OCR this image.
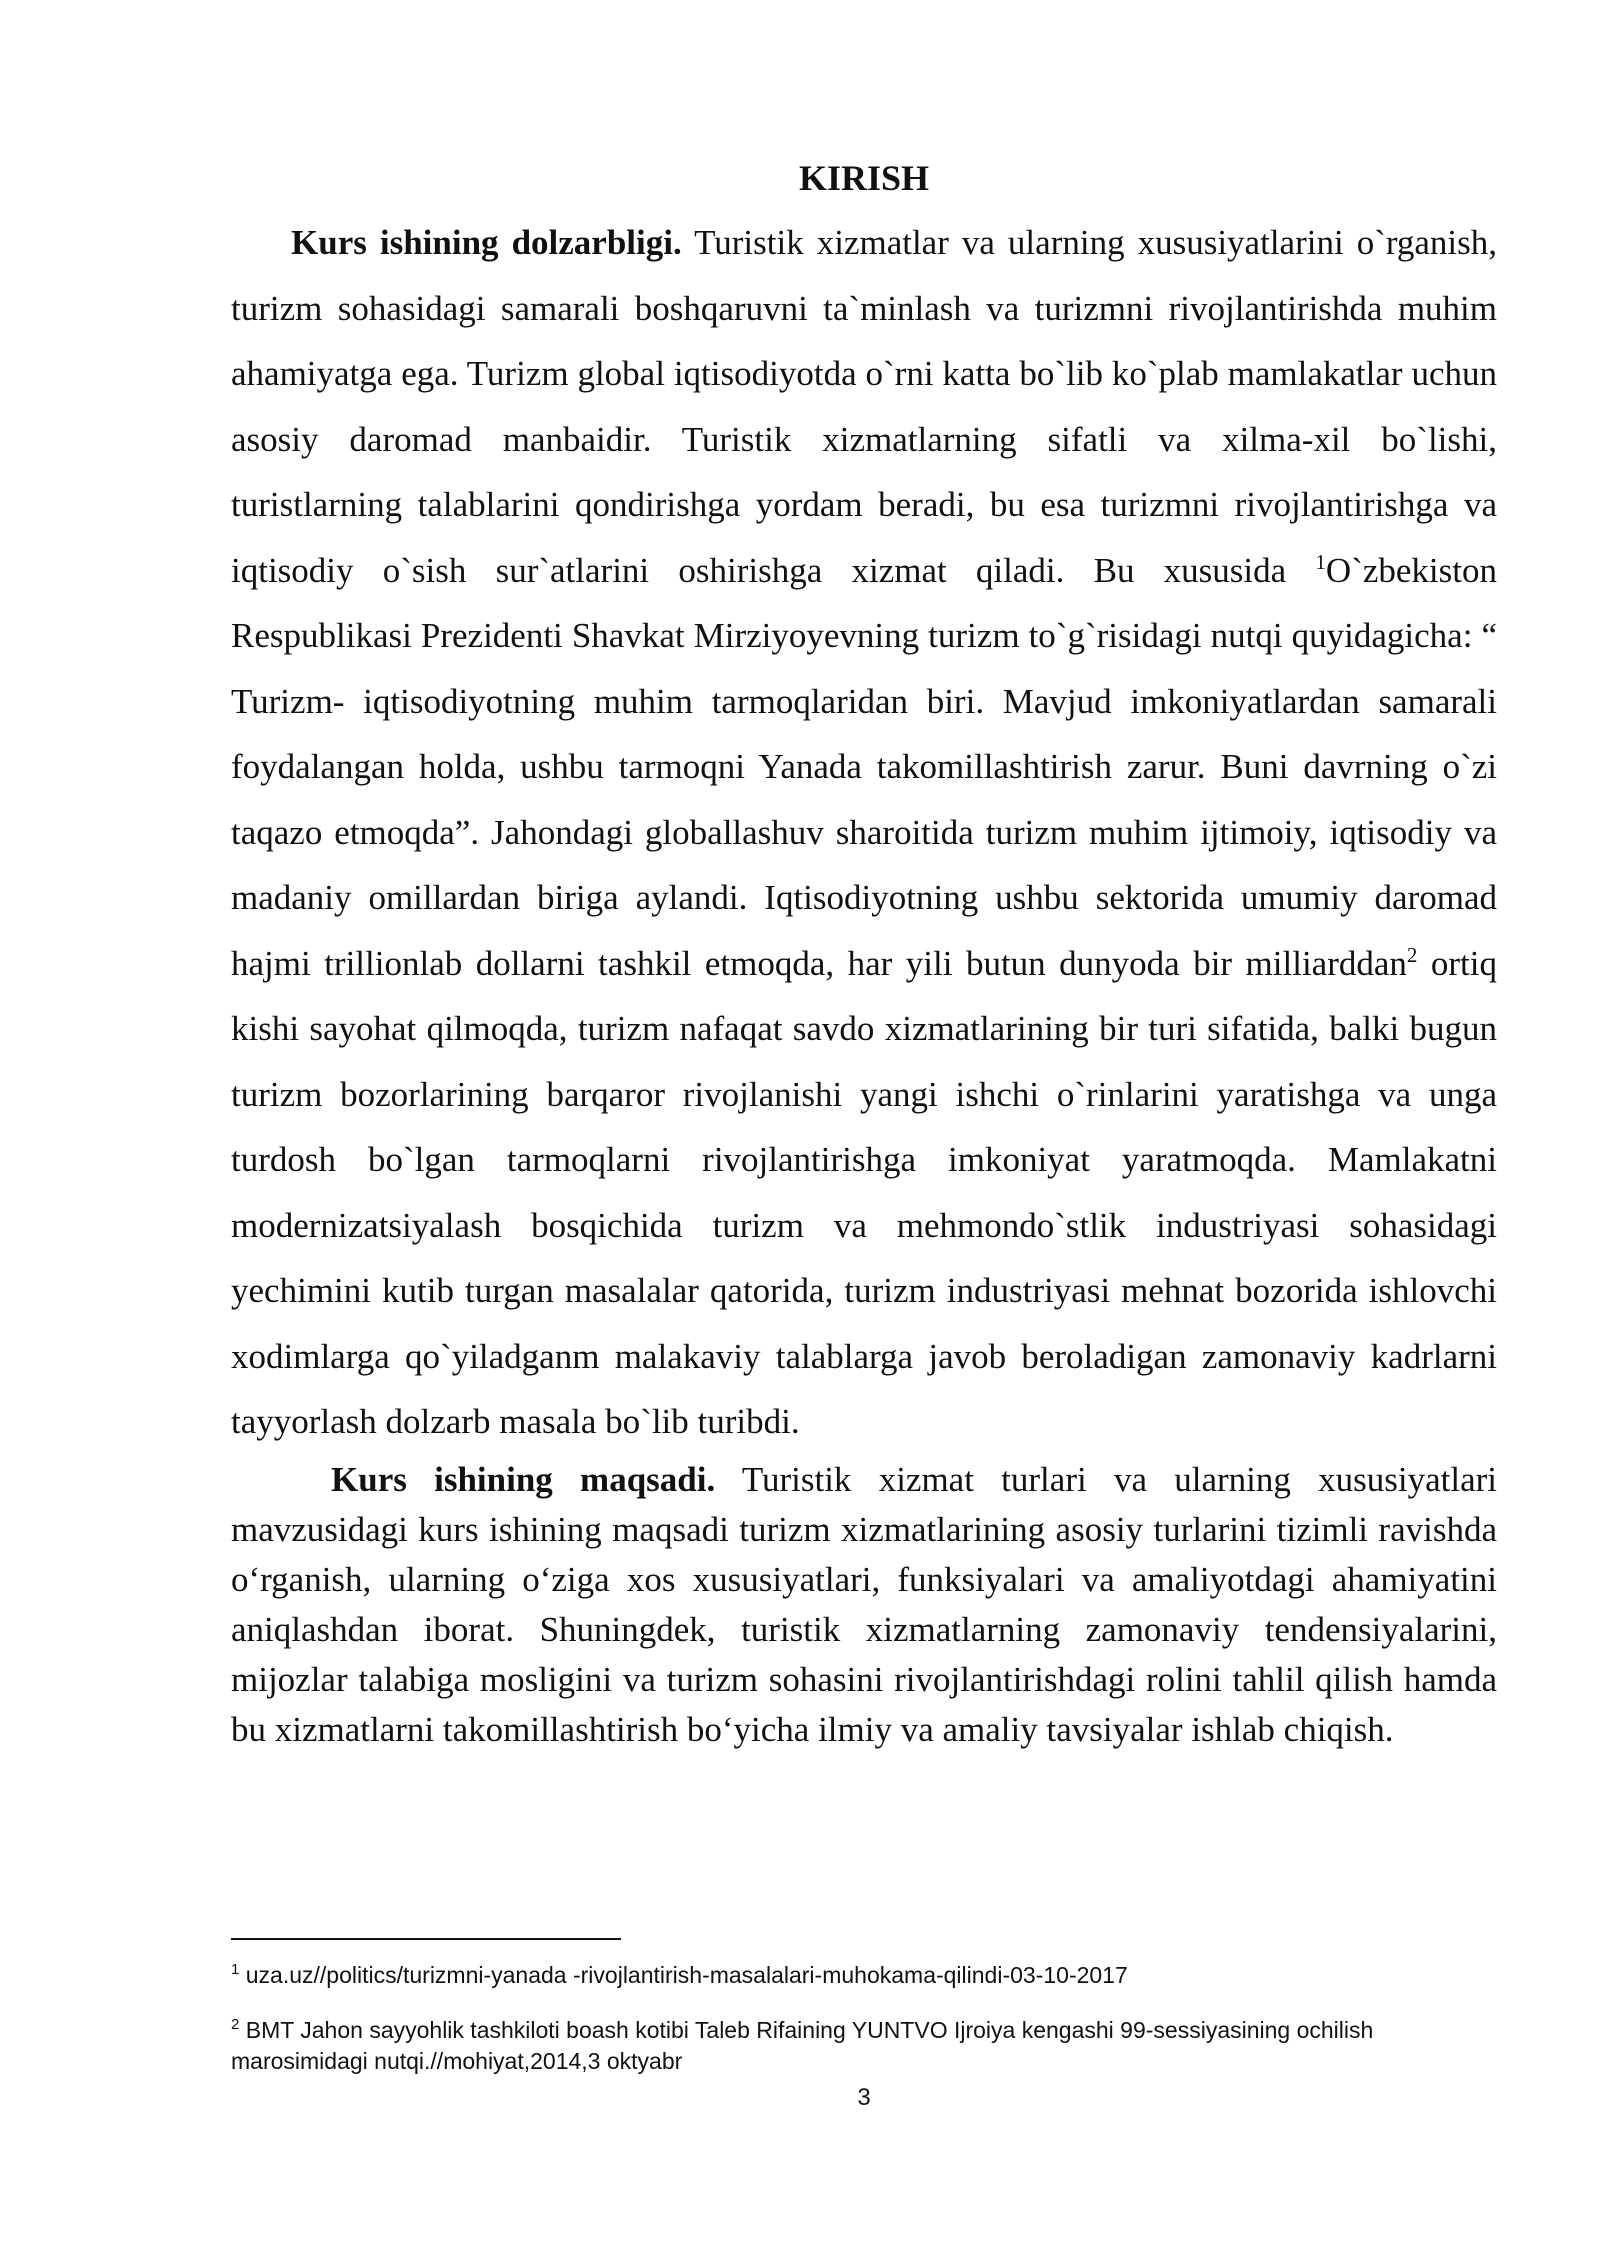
KIRISH

Kurs ishining dolzarbligi. Turistik xizmatlar va ularning xususiyatlarini o`rganish, turizm sohasidagi samarali boshqaruvni ta`minlash va turizmni rivojlantirishda muhim ahamiyatga ega. Turizm global iqtisodiyotda o`rni katta bo`lib ko`plab mamlakatlar uchun asosiy daromad manbaidir. Turistik xizmatlarning sifatli va xilma-xil bo`lishi, turistlarning talablarini qondirishga yordam beradi, bu esa turizmni rivojlantirishga va iqtisodiy o`sish sur`atlarini oshirishga xizmat qiladi. Bu xususida $^1$O`zbekiston Respublikasi Prezidenti Shavkat Mirziyoyevning turizm to`g`risidagi nutqi quyidagicha: “ Turizm- iqtisodiyotning muhim tarmoqlaridan biri. Mavjud imkoniyatlardan samarali foydalangan holda, ushbu tarmoqni Yanada takomillashtirish zarur. Buni davrning o`zi taqazo etmoqda”. Jahondagi globallashuv sharoitida turizm muhim ijtimoiy, iqtisodiy va madaniy omillardan biriga aylandi. Iqtisodiyotning ushbu sektorida umumiy daromad hajmi trillionlab dollarni tashkil etmoqda, har yili butun dunyoda bir milliarddan$^2$ ortiq kishi sayohat qilmoqda, turizm nafaqat savdo xizmatlarining bir turi sifatida, balki bugun turizm bozorlarining barqaror rivojlanishi yangi ishchi o`rinlarini yaratishga va unga turdosh bo`lgan tarmoqlarni rivojlantirishga imkoniyat yaratmoqda. Mamlakatni modernizatsiyalash bosqichida turizm va mehmondo`stlik industriyasi sohasidagi yechimini kutib turgan masalalar qatorida, turizm industriyasi mehnat bozorida ishlovchi xodimlarga qo`yiladganm malakaviy talablarga javob beroladigan zamonaviy kadrlarni tayyorlash dolzarb masala bo`lib turibdi.

Kurs ishining maqsadi. Turistik xizmat turlari va ularning xususiyatlari mavzusidagi kurs ishining maqsadi turizm xizmatlarining asosiy turlarini tizimli ravishda o‘rganish, ularning o‘ziga xos xususiyatlari, funksiyalari va amaliyotdagi ahamiyatini aniqlashdan iborat. Shuningdek, turistik xizmatlarning zamonaviy tendensiyalarini, mijozlar talabiga mosligini va turizm sohasini rivojlantirishdagi rolini tahlil qilish hamda bu xizmatlarni takomillashtirish bo‘yicha ilmiy va amaliy tavsiyalar ishlab chiqish.

$^1$ uza.uz//politics/turizmni-yanada -rivojlantirish-masalalari-muhokama-qilindi-03-10-2017

$^2$ BMT Jahon sayyohlik tashkiloti boash kotibi Taleb Rifaining YUNTVO Ijroiya kengashi 99-sessiyasining ochilish marosimidagi nutqi.//mohiyat,2014,3 oktyabr

3
